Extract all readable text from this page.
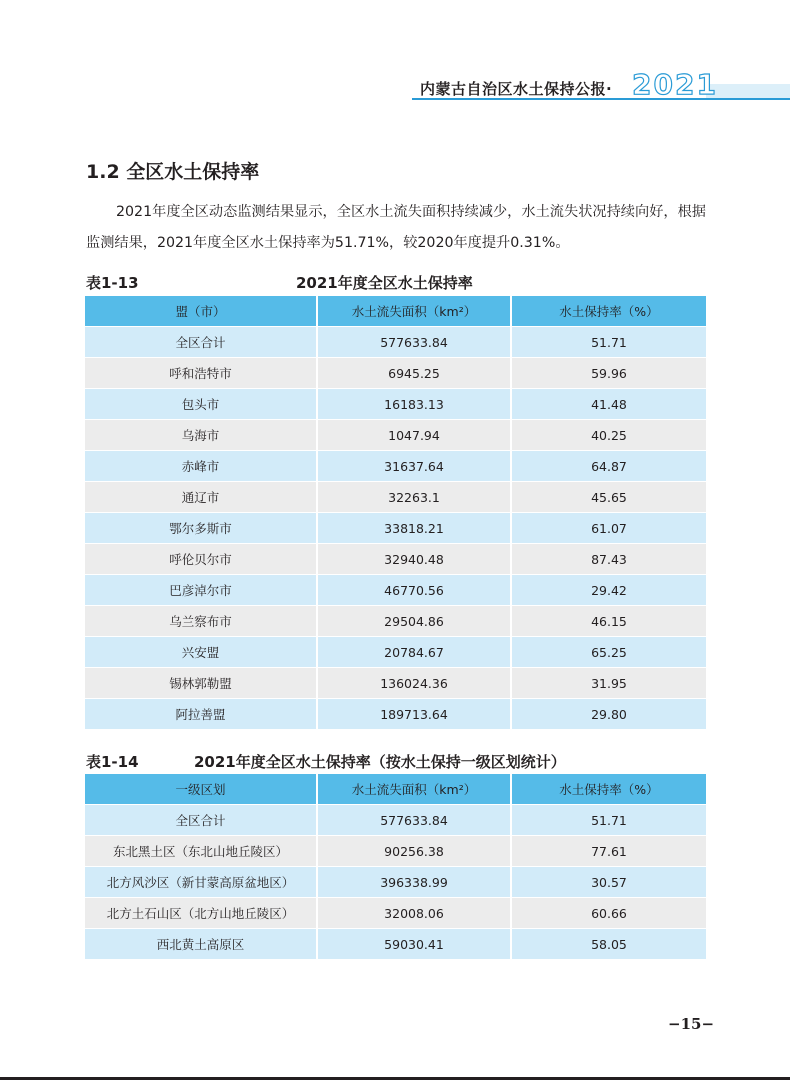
内蒙古自治区水土保持公报· 2021
1.2 全区水土保持率
2021年度全区动态监测结果显示，全区水土流失面积持续减少，水土流失状况持续向好，根据监测结果，2021年度全区水土保持率为51.71%，较2020年度提升0.31%。
表1-13	2021年度全区水土保持率
盟（市）	水土流失面积（km²）	水土保持率（%）
全区合计	577633.84	51.71
呼和浩特市	6945.25	59.96
包头市	16183.13	41.48
乌海市	1047.94	40.25
赤峰市	31637.64	64.87
通辽市	32263.1	45.65
鄂尔多斯市	33818.21	61.07
呼伦贝尔市	32940.48	87.43
巴彦淖尔市	46770.56	29.42
乌兰察布市	29504.86	46.15
兴安盟	20784.67	65.25
锡林郭勒盟	136024.36	31.95
阿拉善盟	189713.64	29.80
表1-14	2021年度全区水土保持率（按水土保持一级区划统计）
一级区划	水土流失面积（km²）	水土保持率（%）
全区合计	577633.84	51.71
东北黑土区（东北山地丘陵区）	90256.38	77.61
北方风沙区（新甘蒙高原盆地区）	396338.99	30.57
北方土石山区（北方山地丘陵区）	32008.06	60.66
西北黄土高原区	59030.41	58.05
−15−
